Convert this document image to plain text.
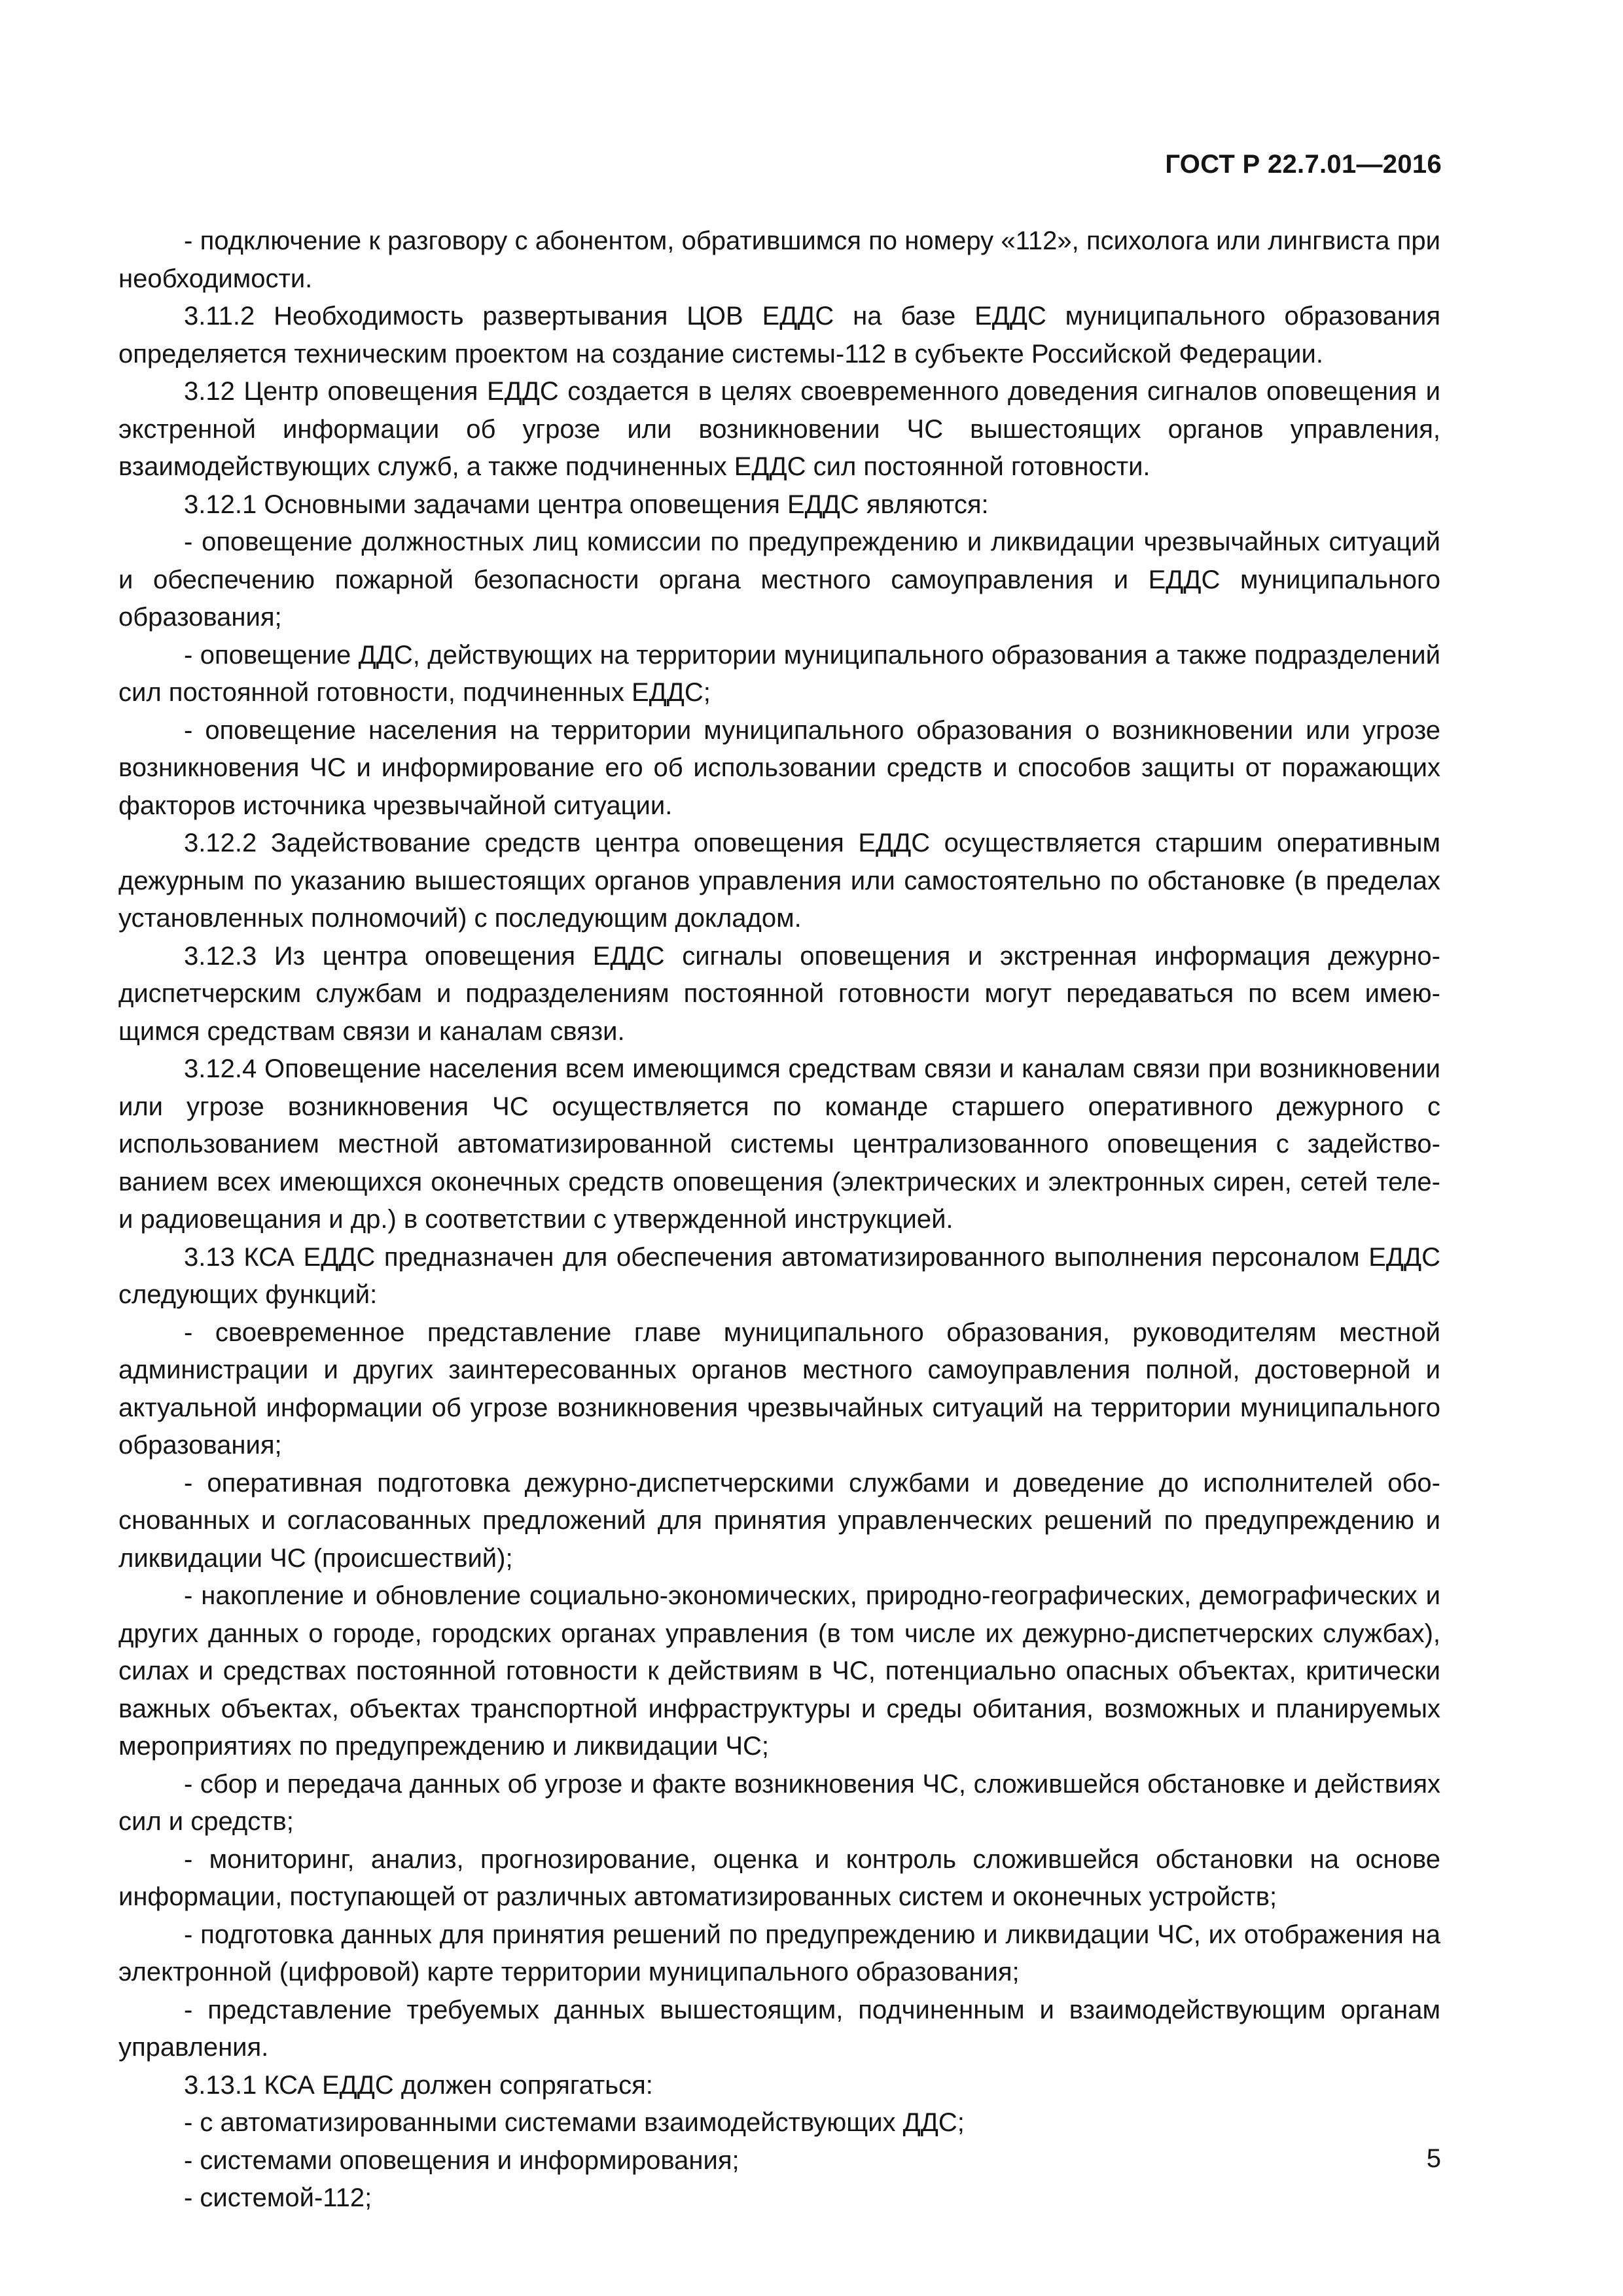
ГОСТ Р 22.7.01—2016

- подключение к разговору с абонентом, обратившимся по номеру «112», психолога или лингвиста при необходимости.

3.11.2 Необходимость развертывания ЦОВ ЕДДС на базе ЕДДС муниципального образования определяется техническим проектом на создание системы-112 в субъекте Российской Федерации.

3.12 Центр оповещения ЕДДС создается в целях своевременного доведения сигналов оповещения и экстренной информации об угрозе или возникновении ЧС вышестоящих органов управления, взаимодействующих служб, а также подчиненных ЕДДС сил постоянной готовности.

3.12.1 Основными задачами центра оповещения ЕДДС являются:

- оповещение должностных лиц комиссии по предупреждению и ликвидации чрезвычайных ситуаций и обеспечению пожарной безопасности органа местного самоуправления и ЕДДС муниципального образования;

- оповещение ДДС, действующих на территории муниципального образования а также подразделений сил постоянной готовности, подчиненных ЕДДС;

- оповещение населения на территории муниципального образования о возникновении или угрозе возникновения ЧС и информирование его об использовании средств и способов защиты от поражающих факторов источника чрезвычайной ситуации.

3.12.2 Задействование средств центра оповещения ЕДДС осуществляется старшим оперативным дежурным по указанию вышестоящих органов управления или самостоятельно по обстановке (в пределах установленных полномочий) с последующим докладом.

3.12.3 Из центра оповещения ЕДДС сигналы оповещения и экстренная информация дежурно-диспетчерским службам и подразделениям постоянной готовности могут передаваться по всем имеющимся средствам связи и каналам связи.

3.12.4 Оповещение населения всем имеющимся средствам связи и каналам связи при возникновении или угрозе возникновения ЧС осуществляется по команде старшего оперативного дежурного с использованием местной автоматизированной системы централизованного оповещения с задействованием всех имеющихся оконечных средств оповещения (электрических и электронных сирен, сетей теле- и радиовещания и др.) в соответствии с утвержденной инструкцией.

3.13 КСА ЕДДС предназначен для обеспечения автоматизированного выполнения персоналом ЕДДС следующих функций:

- своевременное представление главе муниципального образования, руководителям местной администрации и других заинтересованных органов местного самоуправления полной, достоверной и актуальной информации об угрозе возникновения чрезвычайных ситуаций на территории муниципального образования;

- оперативная подготовка дежурно-диспетчерскими службами и доведение до исполнителей обоснованных и согласованных предложений для принятия управленческих решений по предупреждению и ликвидации ЧС (происшествий);

- накопление и обновление социально-экономических, природно-географических, демографических и других данных о городе, городских органах управления (в том числе их дежурно-диспетчерских службах), силах и средствах постоянной готовности к действиям в ЧС, потенциально опасных объектах, критически важных объектах, объектах транспортной инфраструктуры и среды обитания, возможных и планируемых мероприятиях по предупреждению и ликвидации ЧС;

- сбор и передача данных об угрозе и факте возникновения ЧС, сложившейся обстановке и действиях сил и средств;

- мониторинг, анализ, прогнозирование, оценка и контроль сложившейся обстановки на основе информации, поступающей от различных автоматизированных систем и оконечных устройств;

- подготовка данных для принятия решений по предупреждению и ликвидации ЧС, их отображения на электронной (цифровой) карте территории муниципального образования;

- представление требуемых данных вышестоящим, подчиненным и взаимодействующим органам управления.

3.13.1 КСА ЕДДС должен сопрягаться:

- с автоматизированными системами взаимодействующих ДДС;

- системами оповещения и информирования;

- системой-112;

5
